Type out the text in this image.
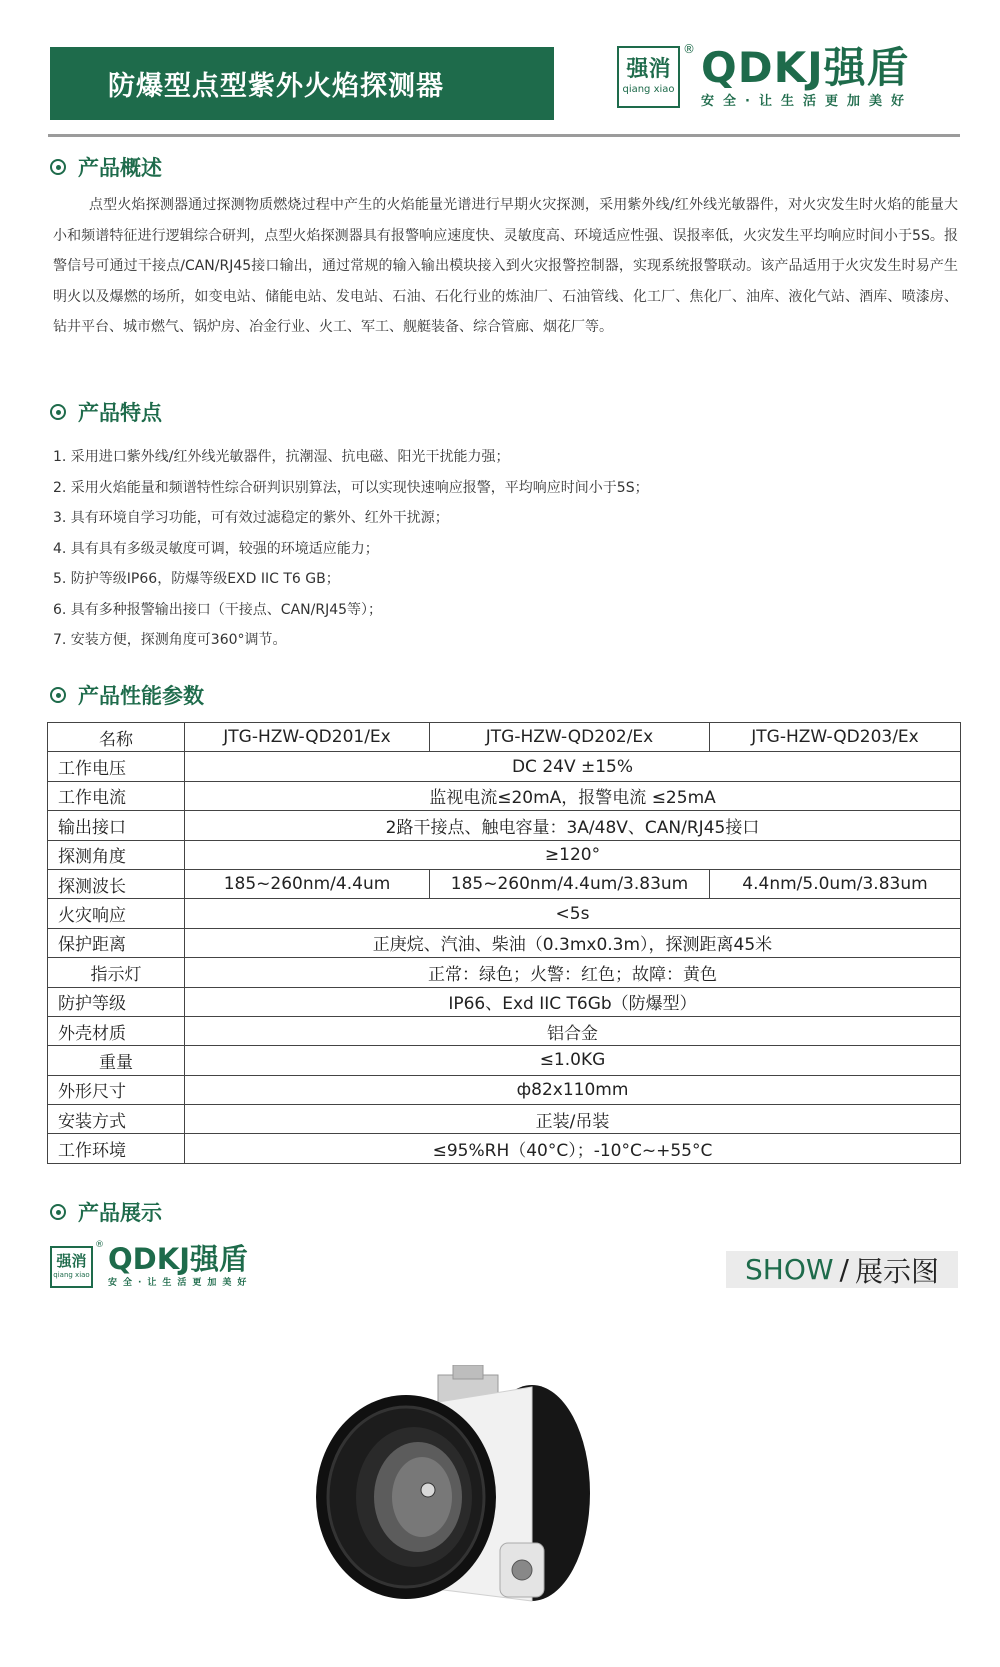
防爆型点型紫外火焰探测器
强消
qiang xiao
® QDKJ强盾
安全·让生活更加美好
产品概述

点型火焰探测器通过探测物质燃烧过程中产生的火焰能量光谱进行早期火灾探测，采用紫外线/红外线光敏器件，对火灾发生时火焰的能量大小和频谱特征进行逻辑综合研判，点型火焰探测器具有报警响应速度快、灵敏度高、环境适应性强、误报率低，火灾发生平均响应时间小于5S。报警信号可通过干接点/CAN/RJ45接口输出，通过常规的输入输出模块接入到火灾报警控制器，实现系统报警联动。该产品适用于火灾发生时易产生明火以及爆燃的场所，如变电站、储能电站、发电站、石油、石化行业的炼油厂、石油管线、化工厂、焦化厂、油库、液化气站、酒库、喷漆房、钻井平台、城市燃气、锅炉房、冶金行业、火工、军工、舰艇装备、综合管廊、烟花厂等。

产品特点
1. 采用进口紫外线/红外线光敏器件，抗潮湿、抗电磁、阳光干扰能力强；
2. 采用火焰能量和频谱特性综合研判识别算法，可以实现快速响应报警，平均响应时间小于5S；
3. 具有环境自学习功能，可有效过滤稳定的紫外、红外干扰源；
4. 具有具有多级灵敏度可调，较强的环境适应能力；
5. 防护等级IP66，防爆等级EXD IIC T6 GB；
6. 具有多种报警输出接口（干接点、CAN/RJ45等）；
7. 安装方便，探测角度可360°调节。
产品性能参数
名称	JTG-HZW-QD201/Ex	JTG-HZW-QD202/Ex	JTG-HZW-QD203/Ex
工作电压	DC 24V ±15%		
工作电流	监视电流≤20mA，报警电流 ≤25mA		
输出接口	2路干接点、触电容量：3A/48V、CAN/RJ45接口		
探测角度	≥120°		
探测波长	185~260nm/4.4um	185~260nm/4.4um/3.83um	4.4nm/5.0um/3.83um
火灾响应	<5s		
保护距离	正庚烷、汽油、柴油（0.3mx0.3m），探测距离45米		
指示灯	正常：绿色；火警：红色；故障：黄色		
防护等级	IP66、Exd IIC T6Gb（防爆型）		
外壳材质	铝合金		
重量	≤1.0KG		
外形尺寸	ф82x110mm		
安装方式	正装/吊装		
工作环境	≤95%RH（40°C）；-10°C~+55°C		
产品展示
强消
qiang xiao
® QDKJ强盾
安全·让生活更加美好	SHOW / 展示图
